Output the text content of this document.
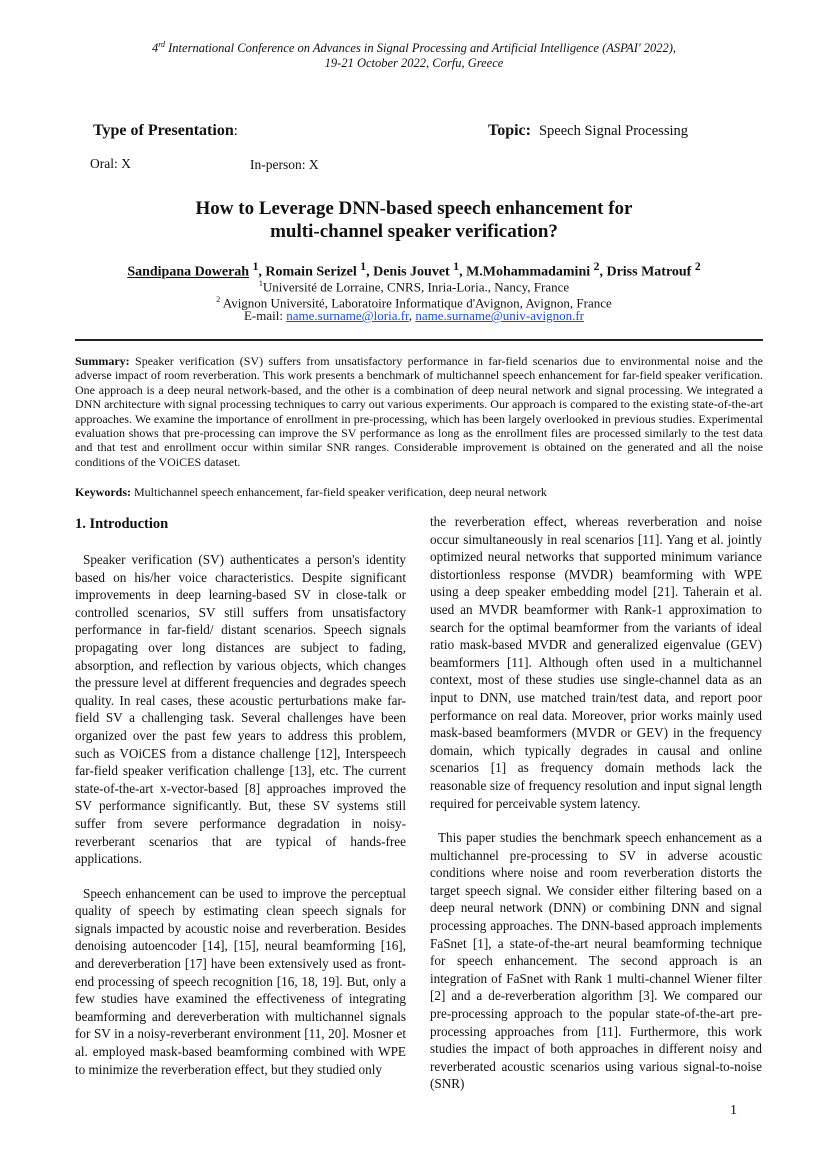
4rd International Conference on Advances in Signal Processing and Artificial Intelligence (ASPAI' 2022),
19-21 October 2022, Corfu, Greece
Type of Presentation:	Topic: Speech Signal Processing
Oral: X	In-person: X
How to Leverage DNN-based speech enhancement for
multi-channel speaker verification?
Sandipana Dowerah $^1$, Romain Serizel $^1$, Denis Jouvet $^1$, M.Mohammadamini $^2$, Driss Matrouf $^2$
$^1$Université de Lorraine, CNRS, Inria-Loria., Nancy, France
$^2$ Avignon Université, Laboratoire Informatique d'Avignon, Avignon, France
E-mail: name.surname@loria.fr, name.surname@univ-avignon.fr
Summary: Speaker verification (SV) suffers from unsatisfactory performance in far-field scenarios due to environmental noise and the adverse impact of room reverberation. This work presents a benchmark of multichannel speech enhancement for far-field speaker verification. One approach is a deep neural network-based, and the other is a combination of deep neural network and signal processing. We integrated a DNN architecture with signal processing techniques to carry out various experiments. Our approach is compared to the existing state-of-the-art approaches. We examine the importance of enrollment in pre-processing, which has been largely overlooked in previous studies. Experimental evaluation shows that pre-processing can improve the SV performance as long as the enrollment files are processed similarly to the test data and that test and enrollment occur within similar SNR ranges. Considerable improvement is obtained on the generated and all the noise conditions of the VOiCES dataset.
Keywords: Multichannel speech enhancement, far-field speaker verification, deep neural network
1. Introduction

Speaker verification (SV) authenticates a person's identity based on his/her voice characteristics. Despite significant improvements in deep learning-based SV in close-talk or controlled scenarios, SV still suffers from unsatisfactory performance in far-field/ distant scenarios. Speech signals propagating over long distances are subject to fading, absorption, and reflection by various objects, which changes the pressure level at different frequencies and degrades speech quality. In real cases, these acoustic perturbations make far-field SV a challenging task. Several challenges have been organized over the past few years to address this problem, such as VOiCES from a distance challenge [12], Interspeech far-field speaker verification challenge [13], etc. The current state-of-the-art x-vector-based [8] approaches improved the SV performance significantly. But, these SV systems still suffer from severe performance degradation in noisy-reverberant scenarios that are typical of hands-free applications.

Speech enhancement can be used to improve the perceptual quality of speech by estimating clean speech signals for signals impacted by acoustic noise and reverberation. Besides denoising autoencoder [14], [15], neural beamforming [16], and dereverberation [17] have been extensively used as front-end processing of speech recognition [16, 18, 19]. But, only a few studies have examined the effectiveness of integrating beamforming and dereverberation with multichannel signals for SV in a noisy-reverberant environment [11, 20]. Mosner et al. employed mask-based beamforming combined with WPE to minimize the reverberation effect, but they studied only

the reverberation effect, whereas reverberation and noise occur simultaneously in real scenarios [11]. Yang et al. jointly optimized neural networks that supported minimum variance distortionless response (MVDR) beamforming with WPE using a deep speaker embedding model [21]. Taherain et al. used an MVDR beamformer with Rank-1 approximation to search for the optimal beamformer from the variants of ideal ratio mask-based MVDR and generalized eigenvalue (GEV) beamformers [11]. Although often used in a multichannel context, most of these studies use single-channel data as an input to DNN, use matched train/test data, and report poor performance on real data. Moreover, prior works mainly used mask-based beamformers (MVDR or GEV) in the frequency domain, which typically degrades in causal and online scenarios [1] as frequency domain methods lack the reasonable size of frequency resolution and input signal length required for perceivable system latency.

This paper studies the benchmark speech enhancement as a multichannel pre-processing to SV in adverse acoustic conditions where noise and room reverberation distorts the target speech signal. We consider either filtering based on a deep neural network (DNN) or combining DNN and signal processing approaches. The DNN-based approach implements FaSnet [1], a state-of-the-art neural beamforming technique for speech enhancement. The second approach is an integration of FaSnet with Rank 1 multi-channel Wiener filter [2] and a de-reverberation algorithm [3]. We compared our pre-processing approach to the popular state-of-the-art pre-processing approaches from [11]. Furthermore, this work studies the impact of both approaches in different noisy and reverberated acoustic scenarios using various signal-to-noise (SNR)

1
